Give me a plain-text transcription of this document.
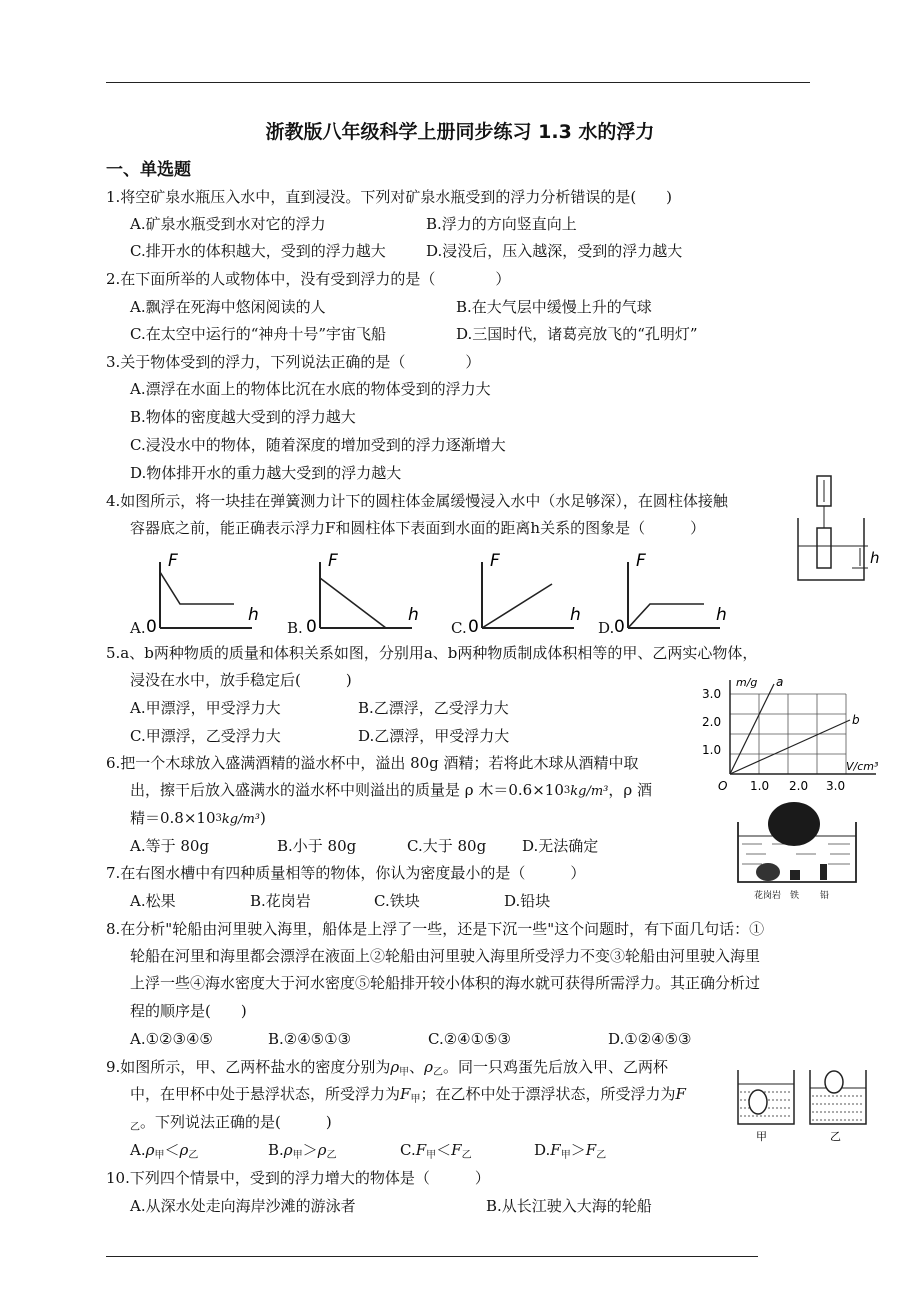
浙教版八年级科学上册同步练习 1.3 水的浮力
一、单选题
1.将空矿泉水瓶压入水中，直到浸没。下列对矿泉水瓶受到的浮力分析错误的是(　　)
A.矿泉水瓶受到水对它的浮力	B.浮力的方向竖直向上
C.排开水的体积越大，受到的浮力越大	D.浸没后，压入越深，受到的浮力越大
2.在下面所举的人或物体中，没有受到浮力的是（　　　　）
A.飘浮在死海中悠闲阅读的人	B.在大气层中缓慢上升的气球
C.在太空中运行的“神舟十号”宇宙飞船	D.三国时代，诸葛亮放飞的“孔明灯”
3.关于物体受到的浮力，下列说法正确的是（　　　　）
A.漂浮在水面上的物体比沉在水底的物体受到的浮力大
B.物体的密度越大受到的浮力越大
C.浸没水中的物体，随着深度的增加受到的浮力逐渐增大
D.物体排开水的重力越大受到的浮力越大
4.如图所示，将一块挂在弹簧测力计下的圆柱体金属缓慢浸入水中（水足够深），在圆柱体接触
容器底之前，能正确表示浮力F和圆柱体下表面到水面的距离h关系的图象是（　　　）
h
A.	B.	C.	D.
F
h
0
F
h
0
F
h
0
F
h
0
5.a、b两种物质的质量和体积关系如图，分别用a、b两种物质制成体积相等的甲、乙两实心物体，
浸没在水中，放手稳定后(　　　)
A.甲漂浮，甲受浮力大	B.乙漂浮，乙受浮力大
C.甲漂浮，乙受浮力大	D.乙漂浮，甲受浮力大
m/g a
b
3.0
2.0
1.0
O 1.0 2.0 3.0
V/cm³
6.把一个木球放入盛满酒精的溢水杯中，溢出 80g 酒精；若将此木球从酒精中取
出，擦干后放入盛满水的溢水杯中则溢出的质量是 ρ 木＝0.6×103kg/m³，ρ 酒
精＝0.8×103kg/m³)
A.等于 80g	B.小于 80g	C.大于 80g D.无法确定
花岗岩 铁 铅
7.在右图水槽中有四种质量相等的物体，你认为密度最小的是（　　　）
A.松果	B.花岗岩	C.铁块	D.铅块
8.在分析"轮船由河里驶入海里，船体是上浮了一些，还是下沉一些"这个问题时，有下面几句话：①
轮船在河里和海里都会漂浮在液面上②轮船由河里驶入海里所受浮力不变③轮船由河里驶入海里
上浮一些④海水密度大于河水密度⑤轮船排开较小体积的海水就可获得所需浮力。其正确分析过
程的顺序是(　　)
A.①②③④⑤	B.②④⑤①③	C.②④①⑤③	D.①②④⑤③
9.如图所示，甲、乙两杯盐水的密度分别为$\rho_甲$、$\rho_乙$。同一只鸡蛋先后放入甲、乙两杯
中，在甲杯中处于悬浮状态，所受浮力为$F_甲$；在乙杯中处于漂浮状态，所受浮力为F
$_乙$。下列说法正确的是(　　　)
甲	乙
$A.\rho_甲<\rho_乙$	$B.\rho_甲>\rho_乙$	$C.F_甲<F_乙$	$D.F_甲>F_乙$
10.下列四个情景中，受到的浮力增大的物体是（　　　）
A.从深水处走向海岸沙滩的游泳者	B.从长江驶入大海的轮船
